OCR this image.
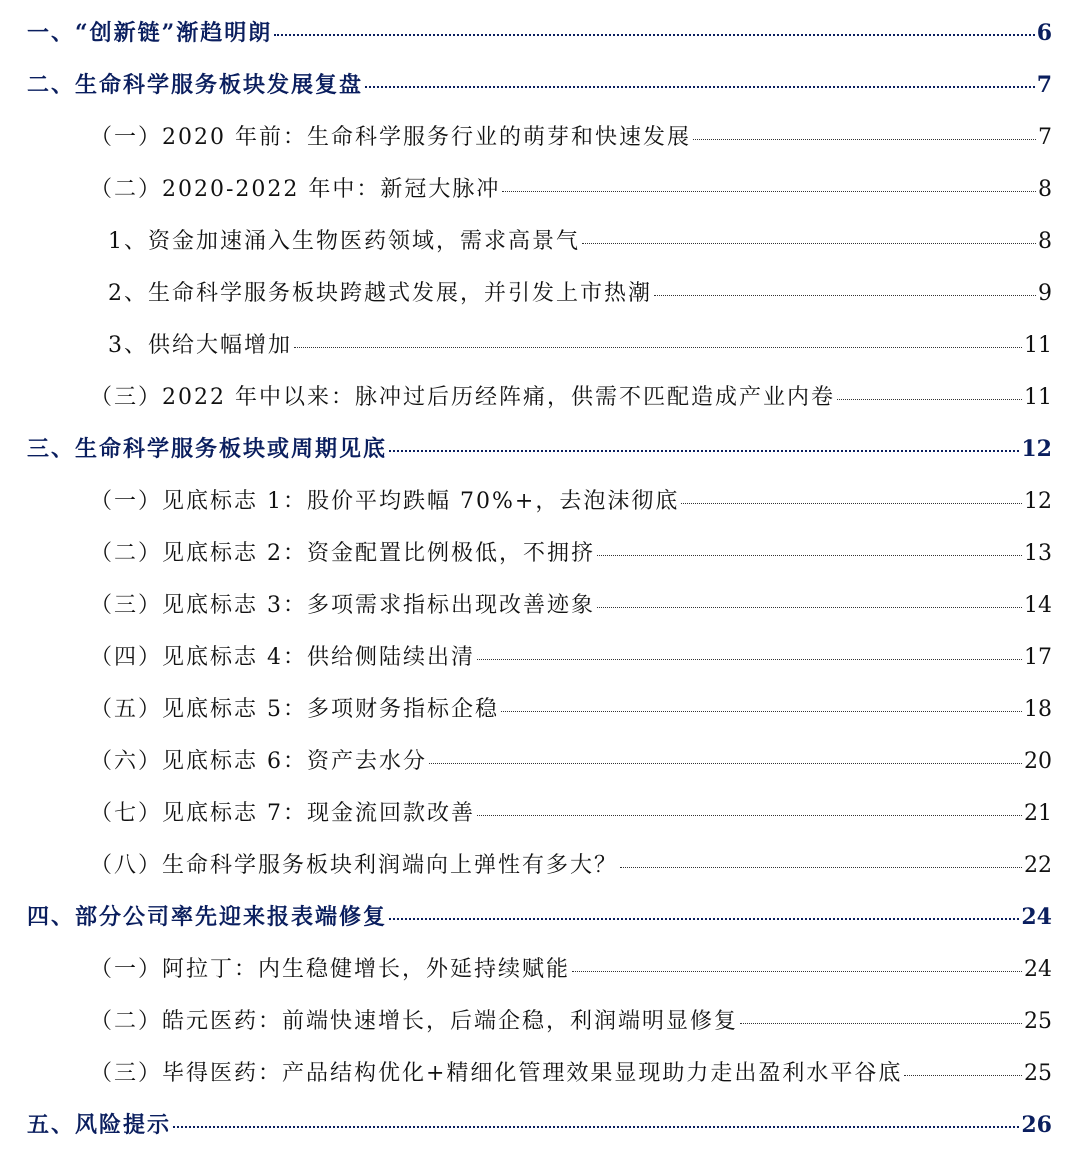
一、“创新链”渐趋明朗	6
二、生命科学服务板块发展复盘	7
（一）2020 年前：生命科学服务行业的萌芽和快速发展	7
（二）2020-2022 年中：新冠大脉冲	8
1、资金加速涌入生物医药领域，需求高景气	8
2、生命科学服务板块跨越式发展，并引发上市热潮	9
3、供给大幅增加	11
（三）2022 年中以来：脉冲过后历经阵痛，供需不匹配造成产业内卷	11
三、生命科学服务板块或周期见底	12
（一）见底标志 1：股价平均跌幅 70%+，去泡沫彻底	12
（二）见底标志 2：资金配置比例极低，不拥挤	13
（三）见底标志 3：多项需求指标出现改善迹象	14
（四）见底标志 4：供给侧陆续出清	17
（五）见底标志 5：多项财务指标企稳	18
（六）见底标志 6：资产去水分	20
（七）见底标志 7：现金流回款改善	21
（八）生命科学服务板块利润端向上弹性有多大？	22
四、部分公司率先迎来报表端修复	24
（一）阿拉丁：内生稳健增长，外延持续赋能	24
（二）皓元医药：前端快速增长，后端企稳，利润端明显修复	25
（三）毕得医药：产品结构优化+精细化管理效果显现助力走出盈利水平谷底	25
五、风险提示	26
